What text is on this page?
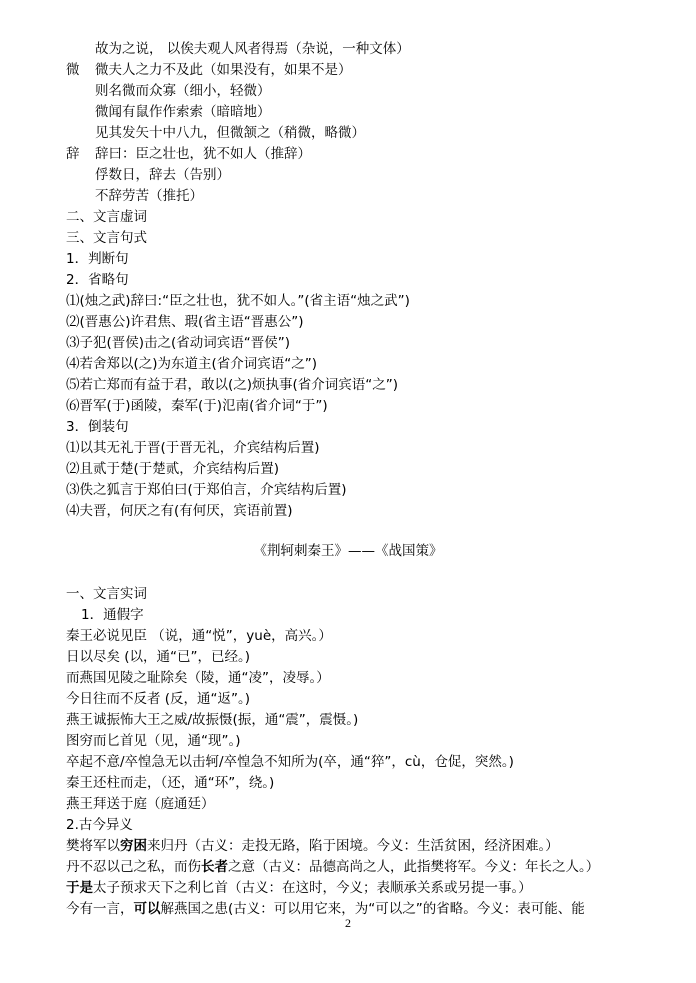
故为之说， 以俟夫观人风者得焉（杂说，一种文体）
微 微夫人之力不及此（如果没有，如果不是）
则名微而众寡（细小，轻微）
微闻有鼠作作索索（暗暗地）
见其发矢十中八九，但微颔之（稍微，略微）
辞 辞曰：臣之壮也，犹不如人（推辞）
俘数日，辞去（告别）
不辞劳苦（推托）
二、文言虚词
三、文言句式
1．判断句
2．省略句
⑴(烛之武)辞曰:“臣之壮也，犹不如人。”(省主语“烛之武”)
⑵(晋惠公)许君焦、瑕(省主语“晋惠公”)
⑶子犯(晋侯)击之(省动词宾语“晋侯”)
⑷若舍郑以(之)为东道主(省介词宾语“之”)
⑸若亡郑而有益于君，敢以(之)烦执事(省介词宾语“之”)
⑹晋军(于)函陵，秦军(于)氾南(省介词“于”)
3．倒装句
⑴以其无礼于晋(于晋无礼，介宾结构后置)
⑵且贰于楚(于楚贰，介宾结构后置)
⑶佚之狐言于郑伯曰(于郑伯言，介宾结构后置)
⑷夫晋，何厌之有(有何厌，宾语前置)
《荆轲刺秦王》——《战国策》
一、文言实词
1．通假字
秦王必说见臣 （说，通“悦”，yuè，高兴。）
日以尽矣 (以，通“已”，已经。)
而燕国见陵之耻除矣（陵，通“凌”，凌辱。）
今日往而不反者 (反，通“返”。)
燕王诚振怖大王之威/故振慑(振，通“震”，震慑。)
图穷而匕首见（见，通“现”。)
卒起不意/卒惶急无以击轲/卒惶急不知所为(卒，通“猝”，cù，仓促，突然。)
秦王还柱而走，（还，通“环”，绕。)
燕王拜送于庭（庭通廷）
2.古今异义
樊将军以穷困来归丹（古义：走投无路，陷于困境。今义：生活贫困，经济困难。）
丹不忍以己之私，而伤长者之意（古义：品德高尚之人，此指樊将军。今义：年长之人。）
于是太子预求天下之利匕首（古义：在这时，今义；表顺承关系或另提一事。）
今有一言，可以解燕国之患(古义：可以用它来，为“可以之”的省略。今义：表可能、能
2
